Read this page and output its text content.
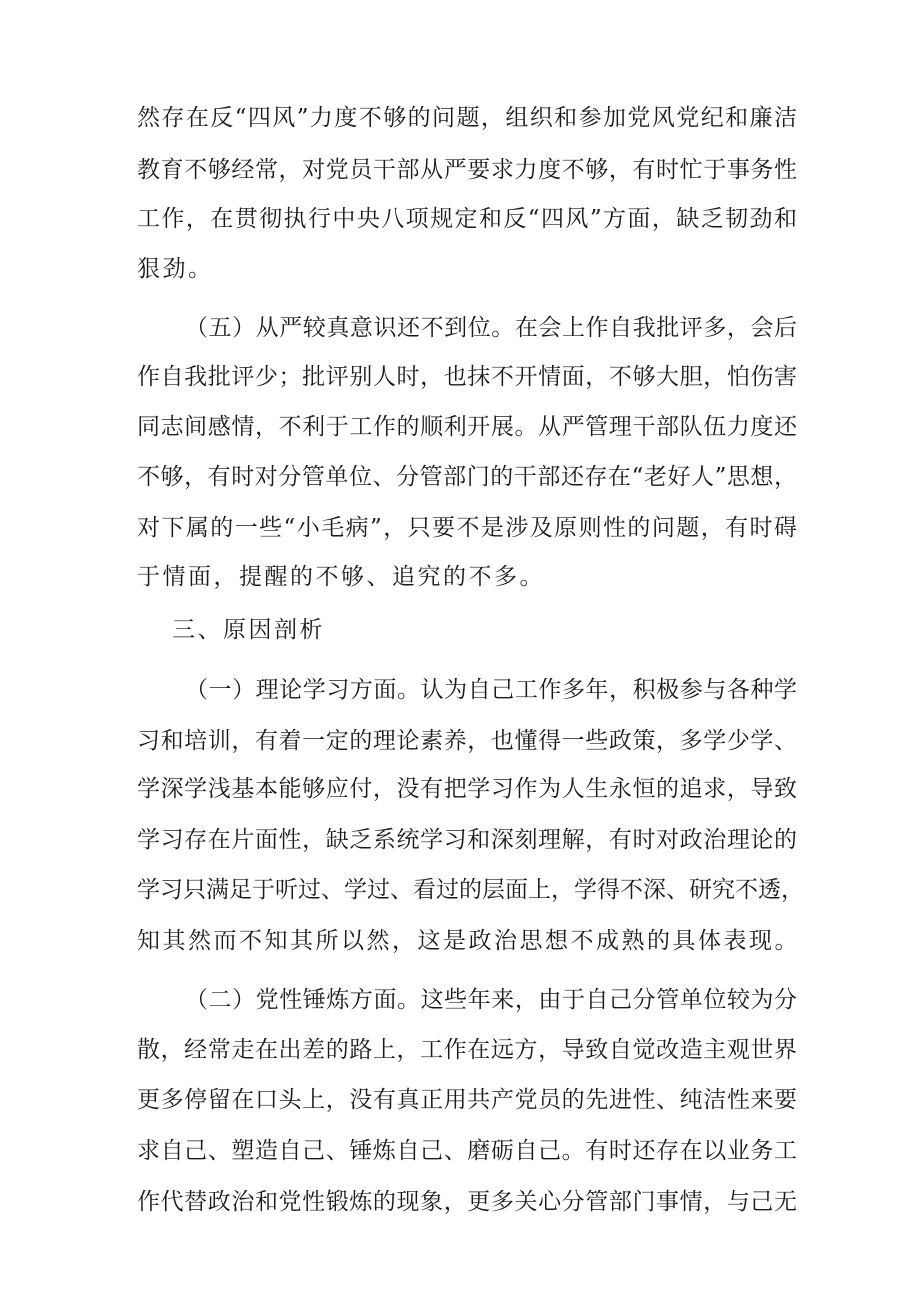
然存在反“四风”力度不够的问题，组织和参加党风党纪和廉洁
教育不够经常，对党员干部从严要求力度不够，有时忙于事务性
工作，在贯彻执行中央八项规定和反“四风”方面，缺乏韧劲和
狠劲。
（五）从严较真意识还不到位。在会上作自我批评多，会后
作自我批评少；批评别人时，也抹不开情面，不够大胆，怕伤害
同志间感情，不利于工作的顺利开展。从严管理干部队伍力度还
不够，有时对分管单位、分管部门的干部还存在“老好人”思想，
对下属的一些“小毛病”，只要不是涉及原则性的问题，有时碍
于情面，提醒的不够、追究的不多。
三、原因剖析
（一）理论学习方面。认为自己工作多年，积极参与各种学
习和培训，有着一定的理论素养，也懂得一些政策，多学少学、
学深学浅基本能够应付，没有把学习作为人生永恒的追求，导致
学习存在片面性，缺乏系统学习和深刻理解，有时对政治理论的
学习只满足于听过、学过、看过的层面上，学得不深、研究不透，
知其然而不知其所以然，这是政治思想不成熟的具体表现。
（二）党性锤炼方面。这些年来，由于自己分管单位较为分
散，经常走在出差的路上，工作在远方，导致自觉改造主观世界
更多停留在口头上，没有真正用共产党员的先进性、纯洁性来要
求自己、塑造自己、锤炼自己、磨砺自己。有时还存在以业务工
作代替政治和党性锻炼的现象，更多关心分管部门事情，与己无
